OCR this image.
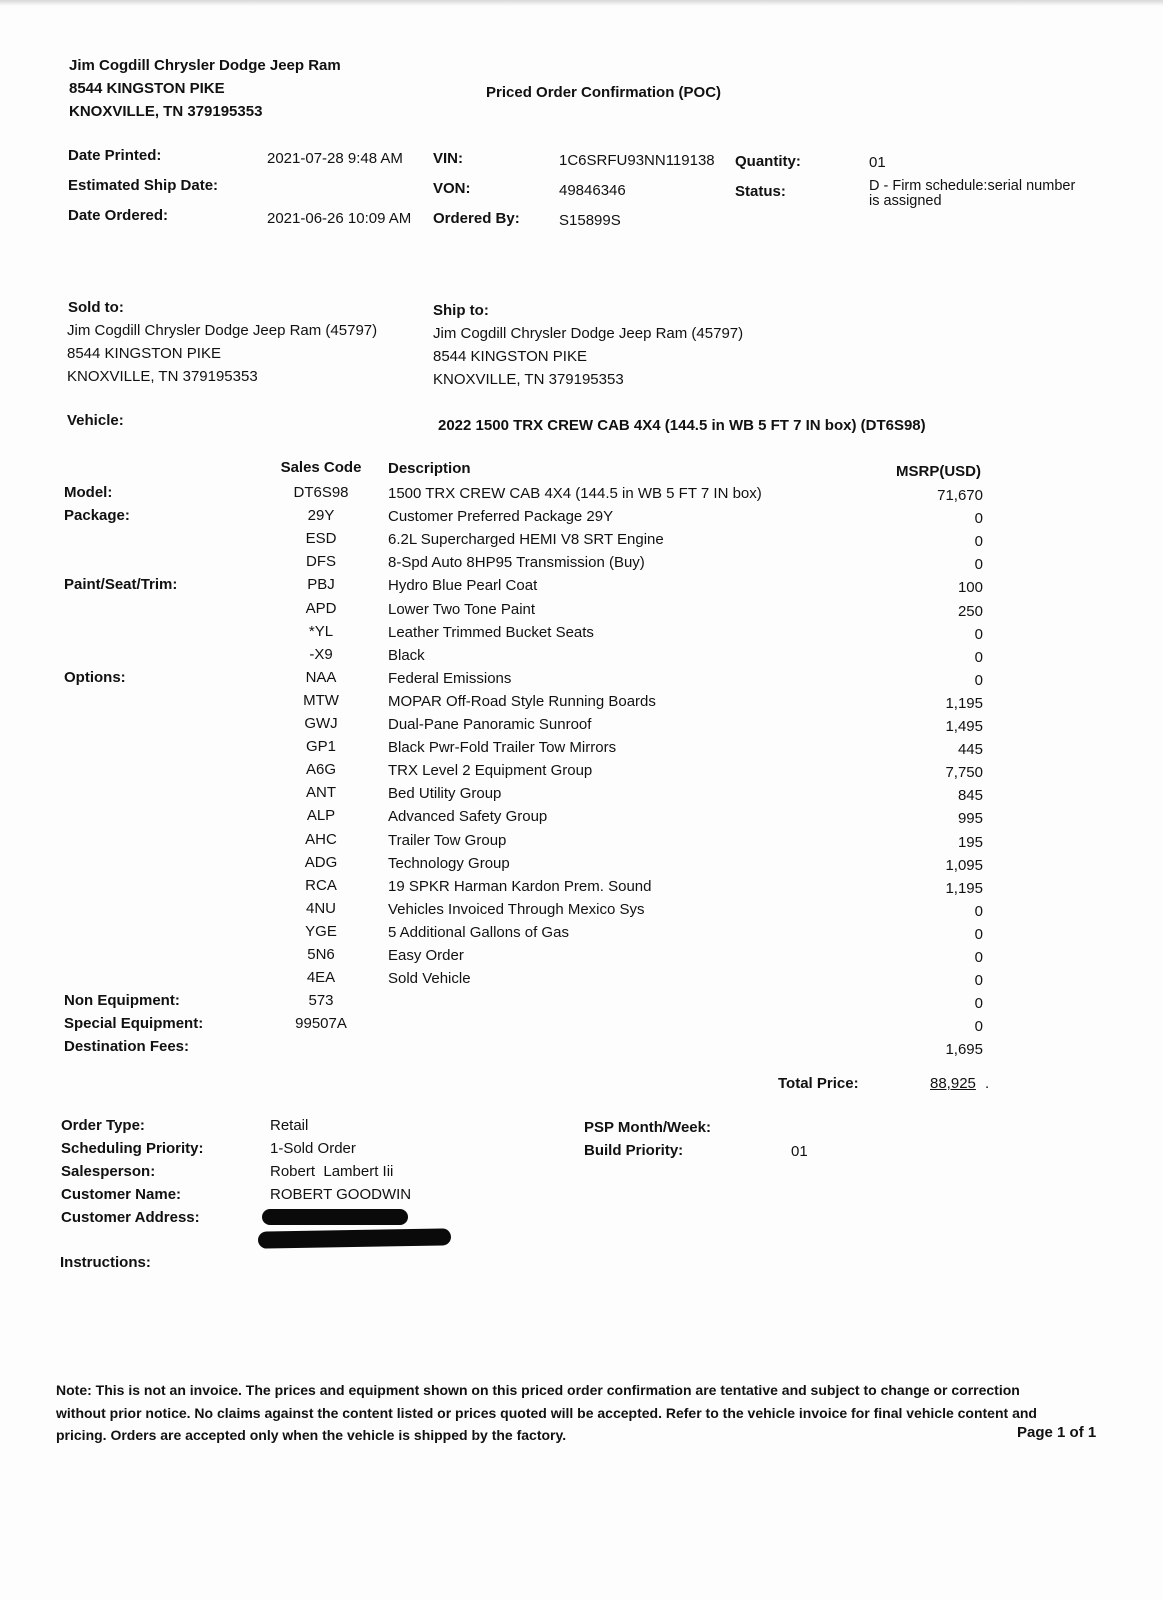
Jim Cogdill Chrysler Dodge Jeep Ram
8544 KINGSTON PIKE
KNOXVILLE, TN 379195353
Priced Order Confirmation (POC)
Date Printed:	2021-07-28 9:48 AM
Estimated Ship Date:
Date Ordered:	2021-06-26 10:09 AM
VIN:	1C6SRFU93NN119138
VON:	49846346
Ordered By:	S15899S
Quantity:	01
Status:	D - Firm schedule:serial number
is assigned
Sold to:
Jim Cogdill Chrysler Dodge Jeep Ram (45797)
8544 KINGSTON PIKE
KNOXVILLE, TN 379195353
Ship to:
Jim Cogdill Chrysler Dodge Jeep Ram (45797)
8544 KINGSTON PIKE
KNOXVILLE, TN 379195353
Vehicle:	2022 1500 TRX CREW CAB 4X4 (144.5 in WB 5 FT 7 IN box) (DT6S98)
Sales Code	Description	MSRP(USD)
Model:	DT6S98	1500 TRX CREW CAB 4X4 (144.5 in WB 5 FT 7 IN box)	71,670
Package:	29Y	Customer Preferred Package 29Y	0
ESD	6.2L Supercharged HEMI V8 SRT Engine	0
DFS	8-Spd Auto 8HP95 Transmission (Buy)	0
Paint/Seat/Trim:	PBJ	Hydro Blue Pearl Coat	100
APD	Lower Two Tone Paint	250
*YL	Leather Trimmed Bucket Seats	0
-X9	Black	0
Options:	NAA	Federal Emissions	0
MTW	MOPAR Off-Road Style Running Boards	1,195
GWJ	Dual-Pane Panoramic Sunroof	1,495
GP1	Black Pwr-Fold Trailer Tow Mirrors	445
A6G	TRX Level 2 Equipment Group	7,750
ANT	Bed Utility Group	845
ALP	Advanced Safety Group	995
AHC	Trailer Tow Group	195
ADG	Technology Group	1,095
RCA	19 SPKR Harman Kardon Prem. Sound	1,195
4NU	Vehicles Invoiced Through Mexico Sys	0
YGE	5 Additional Gallons of Gas	0
5N6	Easy Order	0
4EA	Sold Vehicle	0
Non Equipment:	573	0
Special Equipment:	99507A	0
Destination Fees:	1,695
Total Price:	88,925 .
Order Type:	Retail
Scheduling Priority:	1-Sold Order
Salesperson:	Robert  Lambert Iii
Customer Name:	ROBERT GOODWIN
Customer Address:
PSP Month/Week:
Build Priority:	01
Instructions:
Note: This is not an invoice. The prices and equipment shown on this priced order confirmation are tentative and subject to change or correction without prior notice. No claims against the content listed or prices quoted will be accepted. Refer to the vehicle invoice for final vehicle content and pricing. Orders are accepted only when the vehicle is shipped by the factory.	Page 1 of 1
